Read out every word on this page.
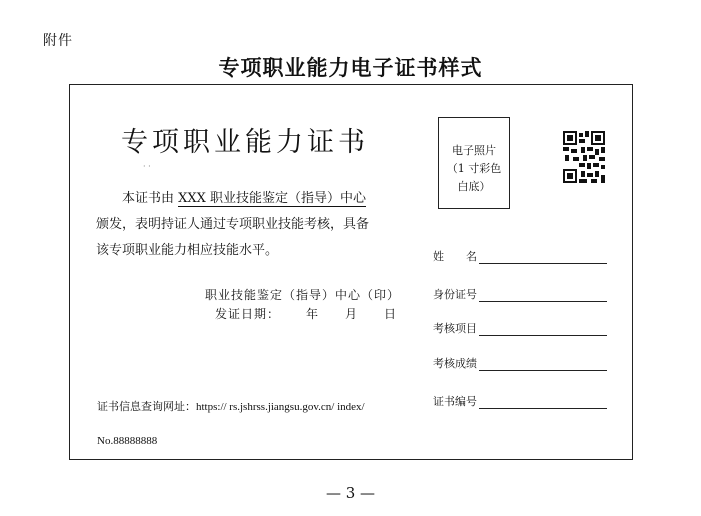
附件
专项职业能力电子证书样式
专项职业能力证书
· ·
本证书由 XXX 职业技能鉴定（指导）中心
颁发，表明持证人通过专项职业技能考核，具备
该专项职业能力相应技能水平。
职业技能鉴定（指导）中心（印）
发证日期： 年 月 日
证书信息查询网址：https:// rs.jshrss.jiangsu.gov.cn/ index/
No.88888888
电子照片
（1 寸彩色
白底）
姓　　名
身份证号
考核项目
考核成绩
证书编号
— 3 —
